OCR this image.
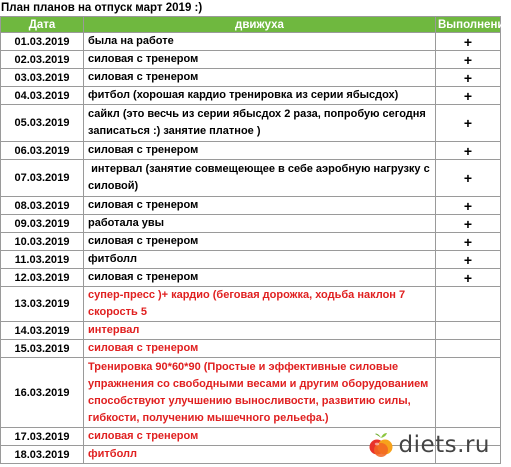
План планов на отпуск март 2019 :)
Дата	движуха	Выполнение
01.03.2019	была на работе	+
02.03.2019	силовая с тренером	+
03.03.2019	силовая с тренером	+
04.03.2019	фитбол (хорошая кардио тренировка из серии ябысдох)	+
05.03.2019	сайкл (это весчь из серии ябысдох 2 раза, попробую сегодня записаться :) занятие платное )	+
06.03.2019	силовая с тренером	+
07.03.2019	интервал (занятие совмещеющее в себе аэробную нагрузку с силовой)	+
08.03.2019	силовая с тренером	+
09.03.2019	работала увы	+
10.03.2019	силовая с тренером	+
11.03.2019	фитболл	+
12.03.2019	силовая с тренером	+
13.03.2019	супер-пресс )+ кардио (беговая дорожка, ходьба наклон 7 скорость 5	
14.03.2019	интервал	
15.03.2019	силовая с тренером	
16.03.2019	Тренировка 90*60*90 (Простые и эффективные силовые упражнения со свободными весами и другим оборудованием способствуют улучшению выносливости, развитию силы, гибкости, получению мышечного рельефа.)	
17.03.2019	силовая с тренером	
18.03.2019	фитболл		diets.ru
